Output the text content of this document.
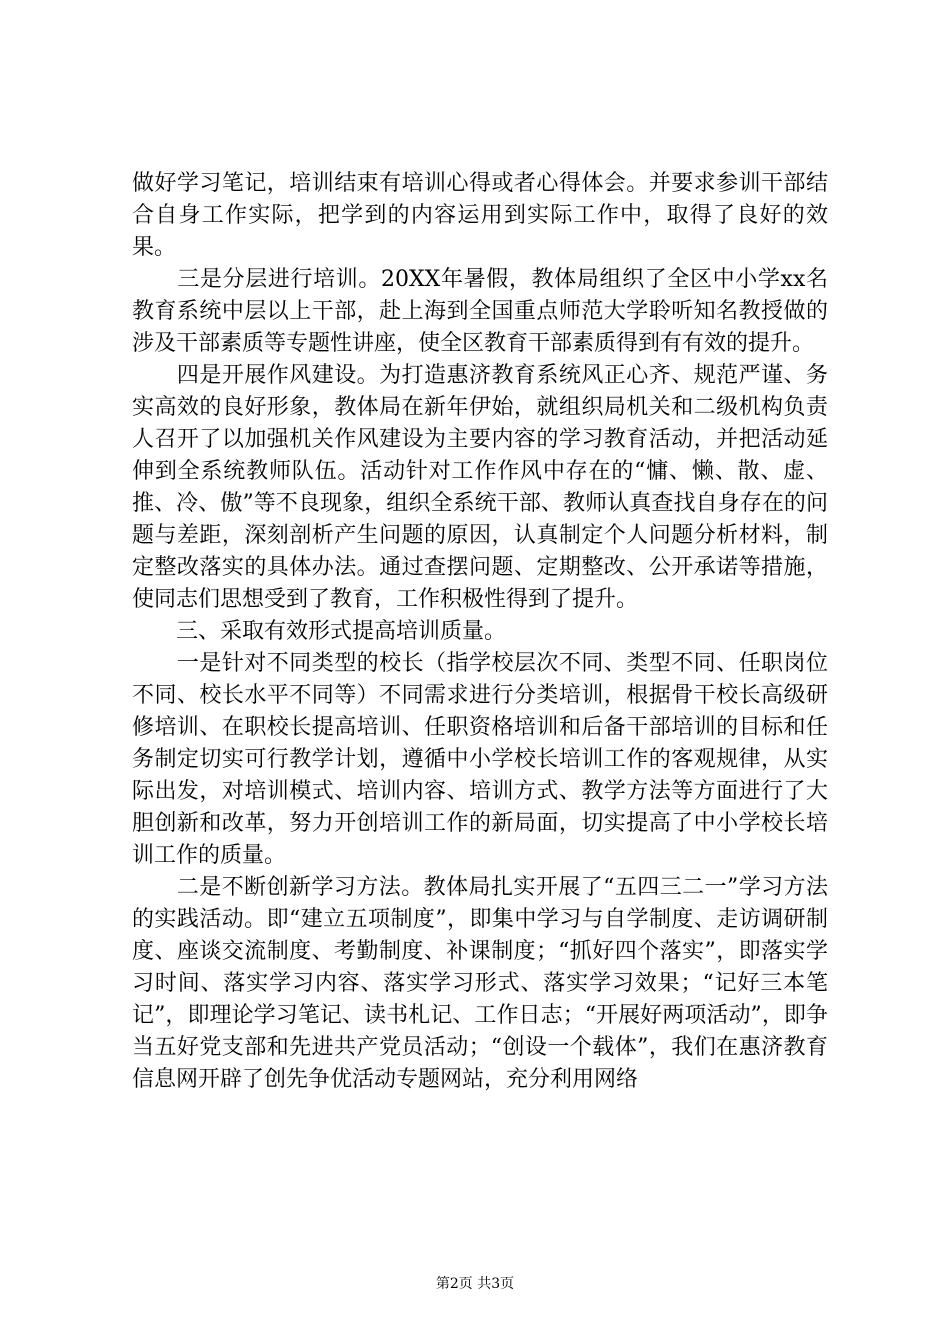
做好学习笔记，培训结束有培训心得或者心得体会。并要求参训干部结合自身工作实际，把学到的内容运用到实际工作中，取得了良好的效果。

　　三是分层进行培训。20XX年暑假，教体局组织了全区中小学xx名教育系统中层以上干部，赴上海到全国重点师范大学聆听知名教授做的涉及干部素质等专题性讲座，使全区教育干部素质得到有有效的提升。

　　四是开展作风建设。为打造惠济教育系统风正心齐、规范严谨、务实高效的良好形象，教体局在新年伊始，就组织局机关和二级机构负责人召开了以加强机关作风建设为主要内容的学习教育活动，并把活动延伸到全系统教师队伍。活动针对工作作风中存在的“慵、懒、散、虚、推、冷、傲”等不良现象，组织全系统干部、教师认真查找自身存在的问题与差距，深刻剖析产生问题的原因，认真制定个人问题分析材料，制定整改落实的具体办法。通过查摆问题、定期整改、公开承诺等措施，使同志们思想受到了教育，工作积极性得到了提升。

　　三、采取有效形式提高培训质量。

　　一是针对不同类型的校长（指学校层次不同、类型不同、任职岗位不同、校长水平不同等）不同需求进行分类培训，根据骨干校长高级研修培训、在职校长提高培训、任职资格培训和后备干部培训的目标和任务制定切实可行教学计划，遵循中小学校长培训工作的客观规律，从实际出发，对培训模式、培训内容、培训方式、教学方法等方面进行了大胆创新和改革，努力开创培训工作的新局面，切实提高了中小学校长培训工作的质量。

　　二是不断创新学习方法。教体局扎实开展了“五四三二一”学习方法的实践活动。即“建立五项制度”，即集中学习与自学制度、走访调研制度、座谈交流制度、考勤制度、补课制度；“抓好四个落实”，即落实学习时间、落实学习内容、落实学习形式、落实学习效果；“记好三本笔记”，即理论学习笔记、读书札记、工作日志；“开展好两项活动”，即争当五好党支部和先进共产党员活动；“创设一个载体”，我们在惠济教育信息网开辟了创先争优活动专题网站，充分利用网络

第2页 共3页
